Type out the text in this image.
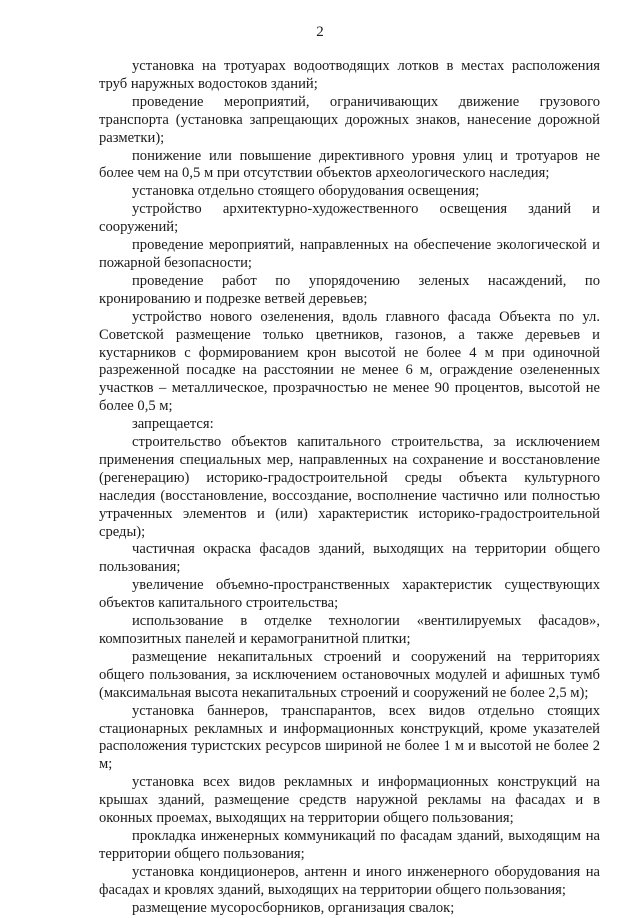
2

установка на тротуарах водоотводящих лотков в местах расположения труб наружных водостоков зданий;

проведение мероприятий, ограничивающих движение грузового транспорта (установка запрещающих дорожных знаков, нанесение дорожной разметки);

понижение или повышение директивного уровня улиц и тротуаров не более чем на 0,5 м при отсутствии объектов археологического наследия;

установка отдельно стоящего оборудования освещения;

устройство архитектурно-художественного освещения зданий и сооружений;

проведение мероприятий, направленных на обеспечение экологической и пожарной безопасности;

проведение работ по упорядочению зеленых насаждений, по кронированию и подрезке ветвей деревьев;

устройство нового озеленения, вдоль главного фасада Объекта по ул. Советской размещение только цветников, газонов, а также деревьев и кустарников с формированием крон высотой не более 4 м при одиночной разреженной посадке на расстоянии не менее 6 м, ограждение озелененных участков – металлическое, прозрачностью не менее 90 процентов, высотой не более 0,5 м;

запрещается:

строительство объектов капитального строительства, за исключением применения специальных мер, направленных на сохранение и восстановление (регенерацию) историко-градостроительной среды объекта культурного наследия (восстановление, воссоздание, восполнение частично или полностью утраченных элементов и (или) характеристик историко-градостроительной среды);

частичная окраска фасадов зданий, выходящих на территории общего пользования;

увеличение объемно-пространственных характеристик существующих объектов капитального строительства;

использование в отделке технологии «вентилируемых фасадов», композитных панелей и керамогранитной плитки;

размещение некапитальных строений и сооружений на территориях общего пользования, за исключением остановочных модулей и афишных тумб (максимальная высота некапитальных строений и сооружений не более 2,5 м);

установка баннеров, транспарантов, всех видов отдельно стоящих стационарных рекламных и информационных конструкций, кроме указателей расположения туристских ресурсов шириной не более 1 м и высотой не более 2 м;

установка всех видов рекламных и информационных конструкций на крышах зданий, размещение средств наружной рекламы на фасадах и в оконных проемах, выходящих на территории общего пользования;

прокладка инженерных коммуникаций по фасадам зданий, выходящим на территории общего пользования;

установка кондиционеров, антенн и иного инженерного оборудования на фасадах и кровлях зданий, выходящих на территории общего пользования;

размещение мусоросборников, организация свалок;
